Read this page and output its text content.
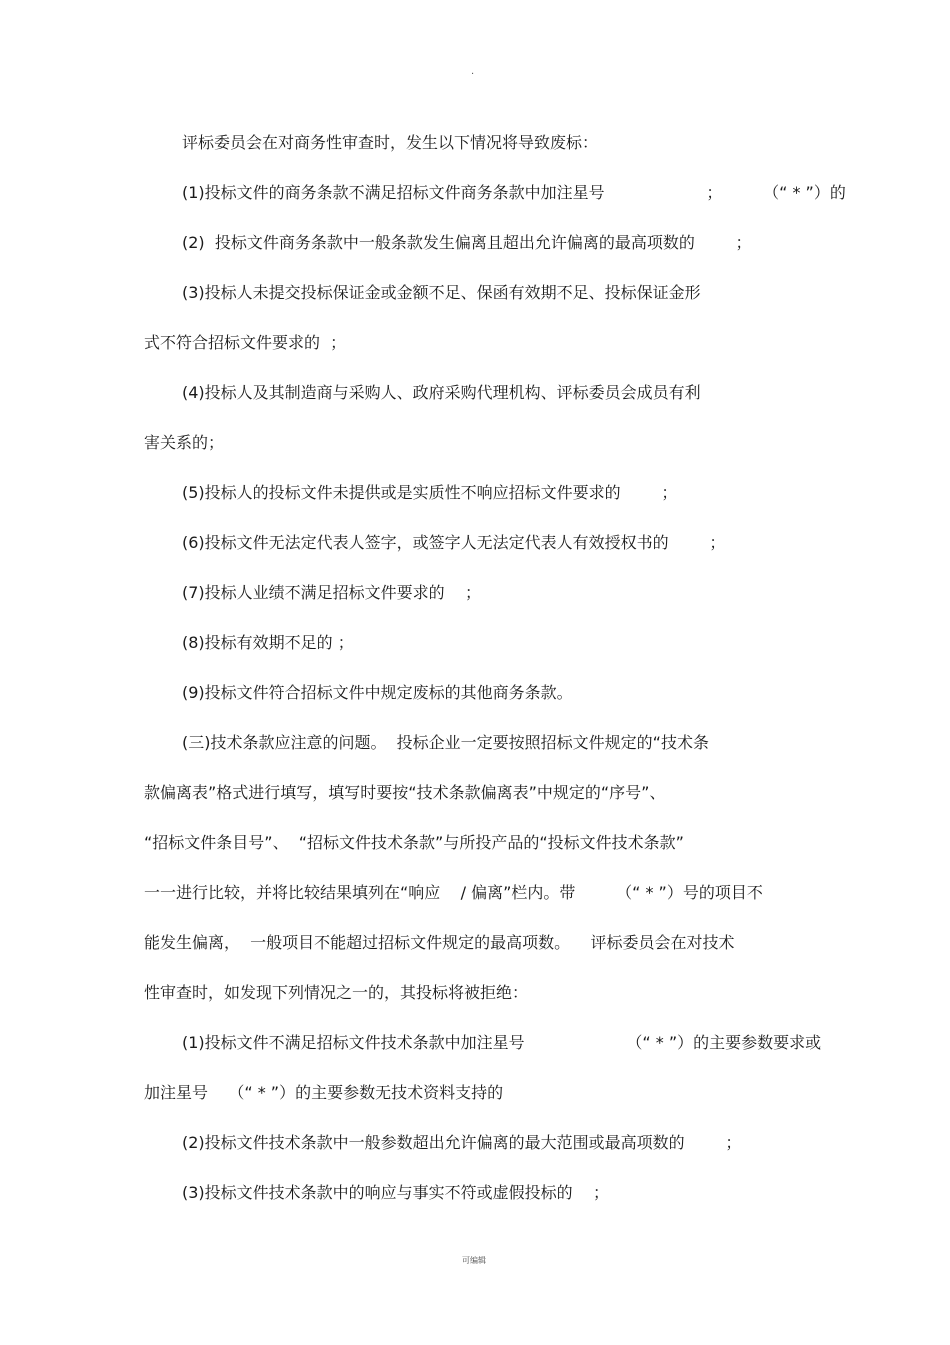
.

评标委员会在对商务性审查时，发生以下情况将导致废标：

(1)投标文件的商务条款不满足招标文件商务条款中加注星号                    ；        （“ * ”）的

(2)  投标文件商务条款中一般条款发生偏离且超出允许偏离的最高项数的        ；

(3)投标人未提交投标保证金或金额不足、保函有效期不足、投标保证金形

式不符合招标文件要求的  ；

(4)投标人及其制造商与采购人、政府采购代理机构、评标委员会成员有利

害关系的；

(5)投标人的投标文件未提供或是实质性不响应招标文件要求的        ；

(6)投标文件无法定代表人签字，或签字人无法定代表人有效授权书的        ；

(7)投标人业绩不满足招标文件要求的    ；

(8)投标有效期不足的 ；

(9)投标文件符合招标文件中规定废标的其他商务条款。

(三)技术条款应注意的问题。  投标企业一定要按照招标文件规定的“技术条

款偏离表”格式进行填写，填写时要按“技术条款偏离表”中规定的“序号”、

“招标文件条目号”、  “招标文件技术条款”与所投产品的“投标文件技术条款”

一一进行比较，并将比较结果填列在“响应    / 偏离”栏内。带        （“ * ”）号的项目不

能发生偏离，  一般项目不能超过招标文件规定的最高项数。    评标委员会在对技术

性审查时，如发现下列情况之一的，其投标将被拒绝：

(1)投标文件不满足招标文件技术条款中加注星号                    （“ * ”）的主要参数要求或

加注星号    （“ * ”）的主要参数无技术资料支持的

(2)投标文件技术条款中一般参数超出允许偏离的最大范围或最高项数的        ；

(3)投标文件技术条款中的响应与事实不符或虚假投标的    ；

可编辑
